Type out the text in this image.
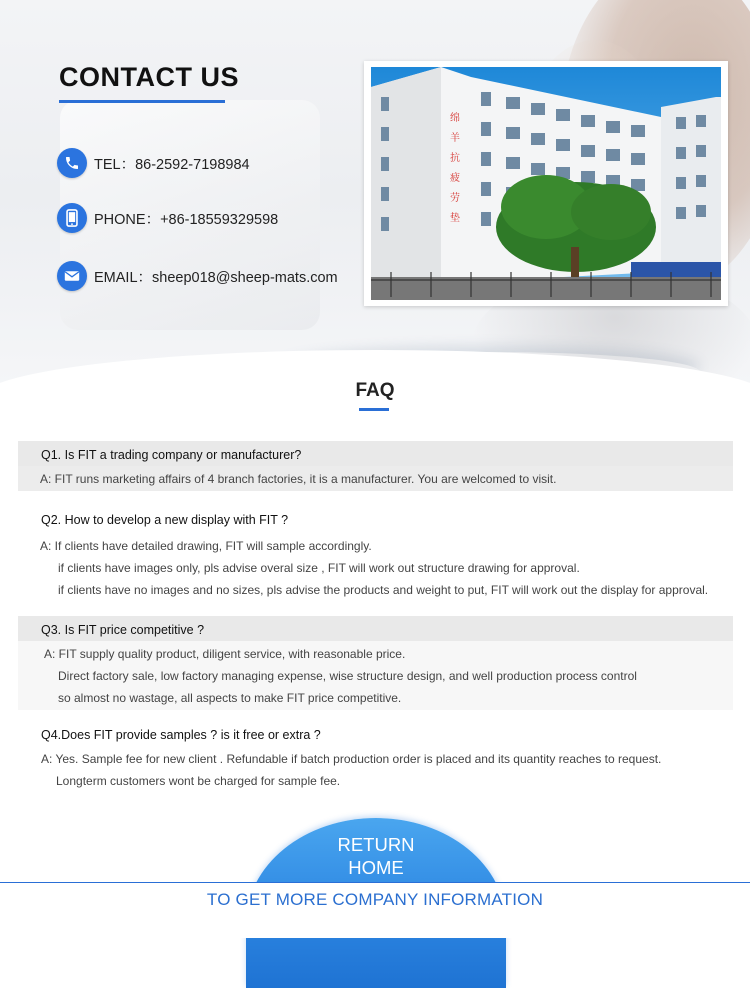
CONTACT US
TEL：86-2592-7198984
PHONE：+86-18559329598
EMAIL：sheep018@sheep-mats.com
绵羊抗疲劳垫
FAQ
Q1. Is FIT a trading company or manufacturer?
A: FIT runs marketing affairs of 4 branch factories, it is a manufacturer. You are welcomed to visit.
Q2. How to develop a new display with FIT ?
A: If clients have detailed drawing, FIT will sample accordingly.
if clients have images only, pls advise overal size , FIT will work out structure drawing for approval.
if clients have no images and no sizes, pls advise the products and weight to put, FIT will work out the display for approval.
Q3. Is FIT price competitive ?
A: FIT supply quality product, diligent service, with reasonable price.
Direct factory sale, low factory managing expense, wise structure design, and well production process control
so almost no wastage, all aspects to make FIT price competitive.
Q4.Does FIT provide samples ? is it free or extra ?
A: Yes. Sample fee for new client . Refundable if batch production order is placed and its quantity reaches to request.
Longterm customers wont be charged for sample fee.
RETURN
HOME
TO GET MORE COMPANY INFORMATION
